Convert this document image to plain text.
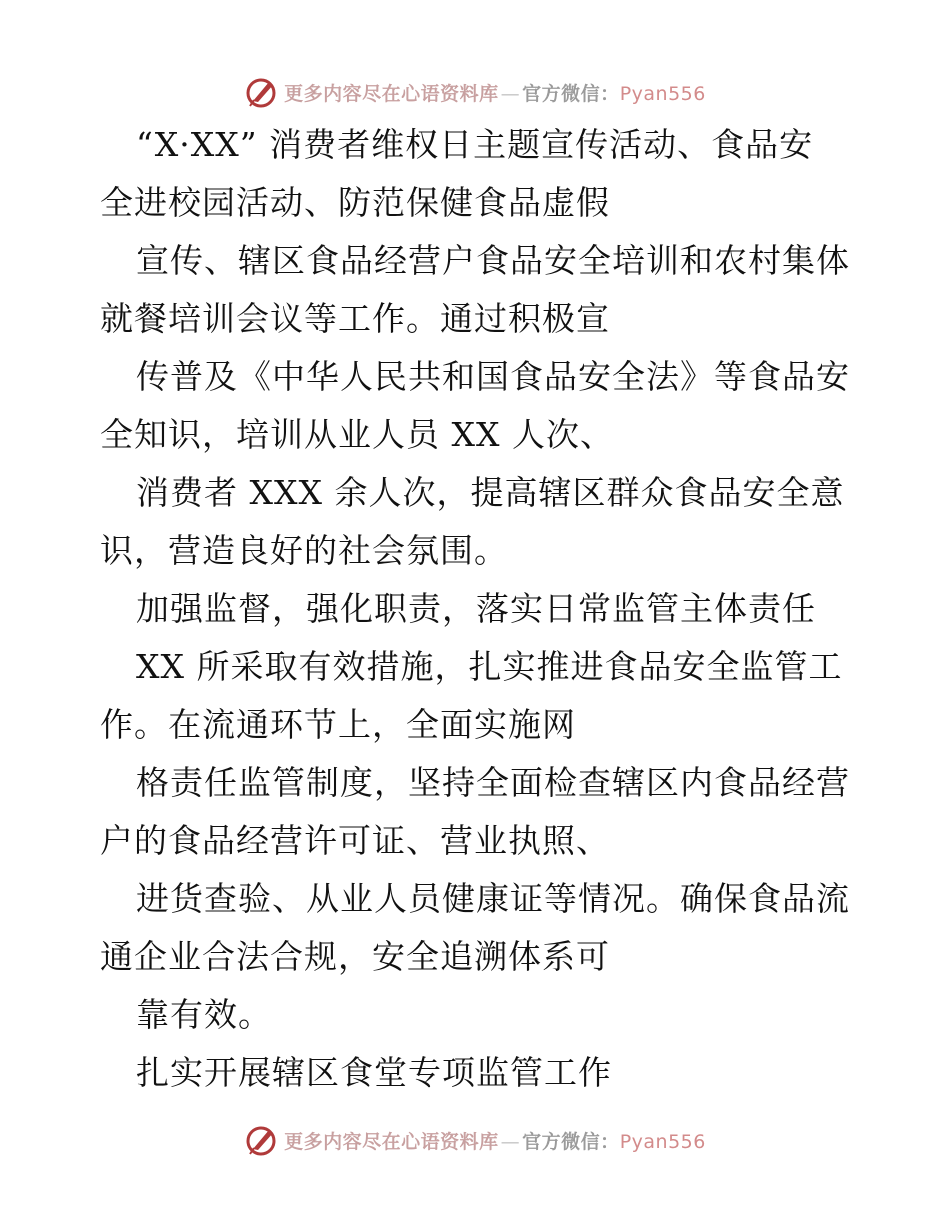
更多内容尽在心语资料库 — 官方微信：Pyan556
“X·XX” 消费者维权日主题宣传活动、食品安
全进校园活动、防范保健食品虚假
宣传、辖区食品经营户食品安全培训和农村集体
就餐培训会议等工作。通过积极宣
传普及《中华人民共和国食品安全法》等食品安
全知识，培训从业人员 XX 人次、
消费者 XXX 余人次，提高辖区群众食品安全意
识，营造良好的社会氛围。
加强监督，强化职责，落实日常监管主体责任
XX 所采取有效措施，扎实推进食品安全监管工
作。在流通环节上，全面实施网
格责任监管制度，坚持全面检查辖区内食品经营
户的食品经营许可证、营业执照、
进货查验、从业人员健康证等情况。确保食品流
通企业合法合规，安全追溯体系可
靠有效。
扎实开展辖区食堂专项监管工作
更多内容尽在心语资料库 — 官方微信：Pyan556
